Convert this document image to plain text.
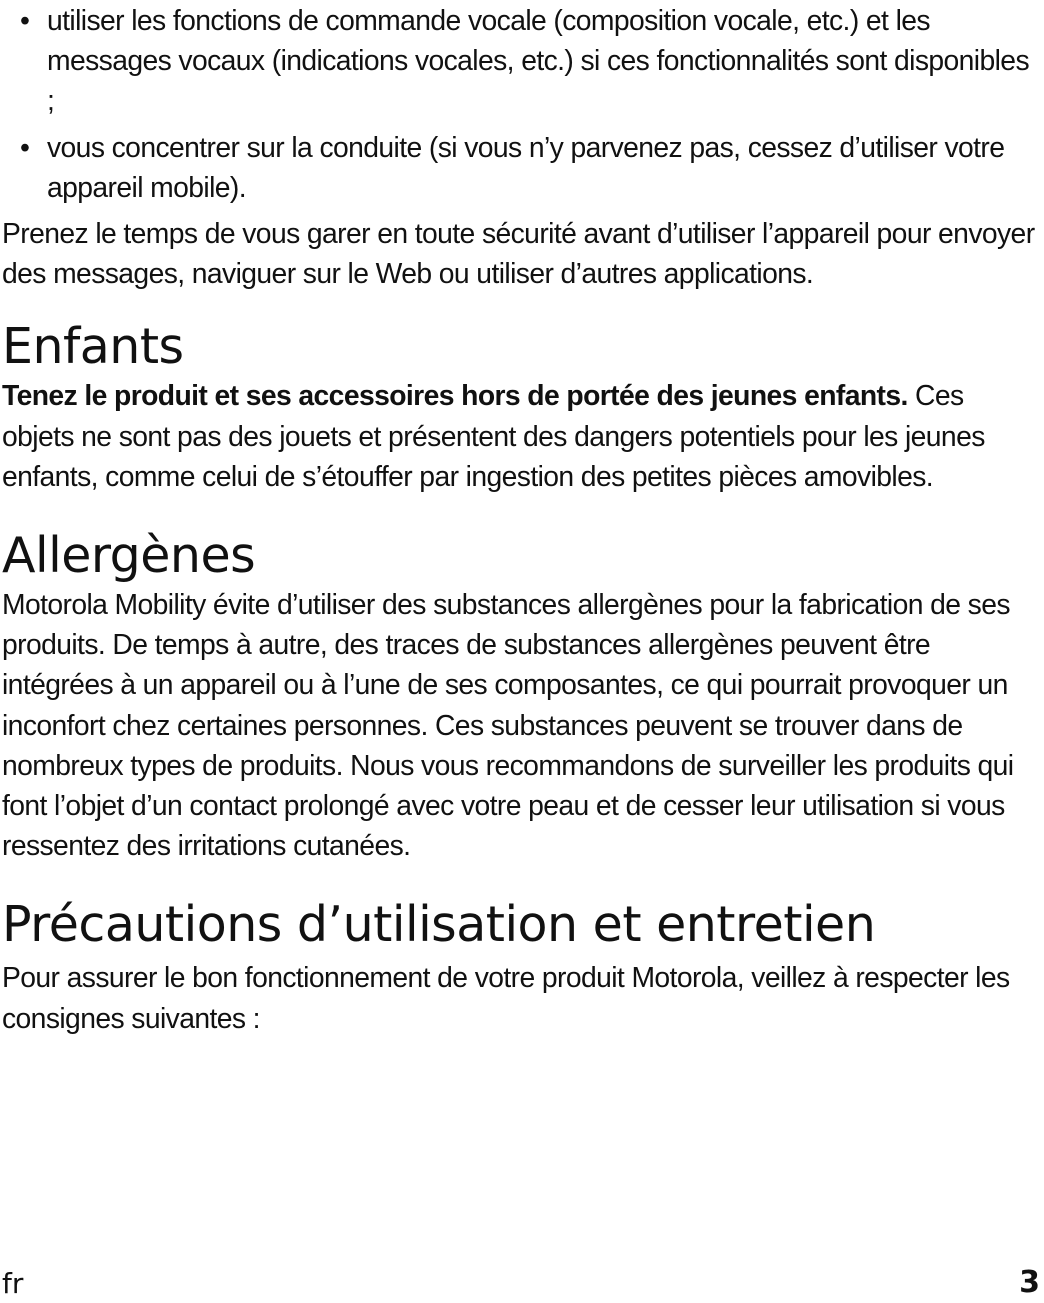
• utiliser les fonctions de commande vocale (composition vocale, etc.) et les messages vocaux (indications vocales, etc.) si ces fonctionnalités sont disponibles ;
• vous concentrer sur la conduite (si vous n’y parvenez pas, cessez d’utiliser votre appareil mobile).

Prenez le temps de vous garer en toute sécurité avant d’utiliser l’appareil pour envoyer des messages, naviguer sur le Web ou utiliser d’autres applications.

Enfants

Tenez le produit et ses accessoires hors de portée des jeunes enfants. Ces objets ne sont pas des jouets et présentent des dangers potentiels pour les jeunes enfants, comme celui de s’étouffer par ingestion des petites pièces amovibles.

Allergènes

Motorola Mobility évite d’utiliser des substances allergènes pour la fabrication de ses produits. De temps à autre, des traces de substances allergènes peuvent être intégrées à un appareil ou à l’une de ses composantes, ce qui pourrait provoquer un inconfort chez certaines personnes. Ces substances peuvent se trouver dans de nombreux types de produits. Nous vous recommandons de surveiller les produits qui font l’objet d’un contact prolongé avec votre peau et de cesser leur utilisation si vous ressentez des irritations cutanées.

Précautions d’utilisation et entretien

Pour assurer le bon fonctionnement de votre produit Motorola, veillez à respecter les consignes suivantes :

fr	3
